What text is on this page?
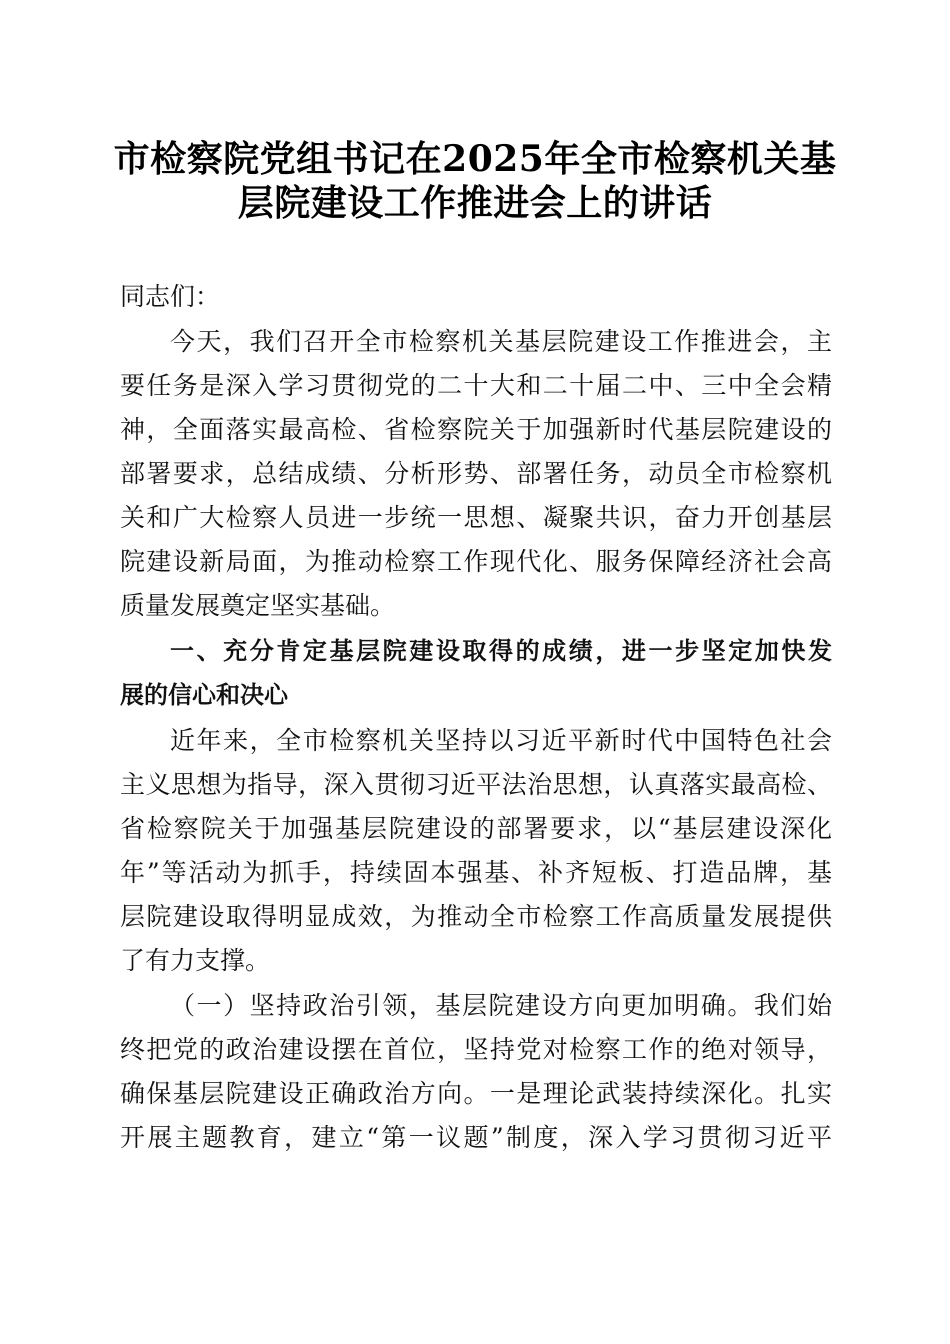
市检察院党组书记在2025年全市检察机关基
层院建设工作推进会上的讲话
同志们：
今天，我们召开全市检察机关基层院建设工作推进会，主
要任务是深入学习贯彻党的二十大和二十届二中、三中全会精
神，全面落实最高检、省检察院关于加强新时代基层院建设的
部署要求，总结成绩、分析形势、部署任务，动员全市检察机
关和广大检察人员进一步统一思想、凝聚共识，奋力开创基层
院建设新局面，为推动检察工作现代化、服务保障经济社会高
质量发展奠定坚实基础。
一、充分肯定基层院建设取得的成绩，进一步坚定加快发
展的信心和决心
近年来，全市检察机关坚持以习近平新时代中国特色社会
主义思想为指导，深入贯彻习近平法治思想，认真落实最高检、
省检察院关于加强基层院建设的部署要求，以“基层建设深化
年”等活动为抓手，持续固本强基、补齐短板、打造品牌，基
层院建设取得明显成效，为推动全市检察工作高质量发展提供
了有力支撑。
（一）坚持政治引领，基层院建设方向更加明确。我们始
终把党的政治建设摆在首位，坚持党对检察工作的绝对领导，
确保基层院建设正确政治方向。一是理论武装持续深化。扎实
开展主题教育，建立“第一议题”制度，深入学习贯彻习近平
